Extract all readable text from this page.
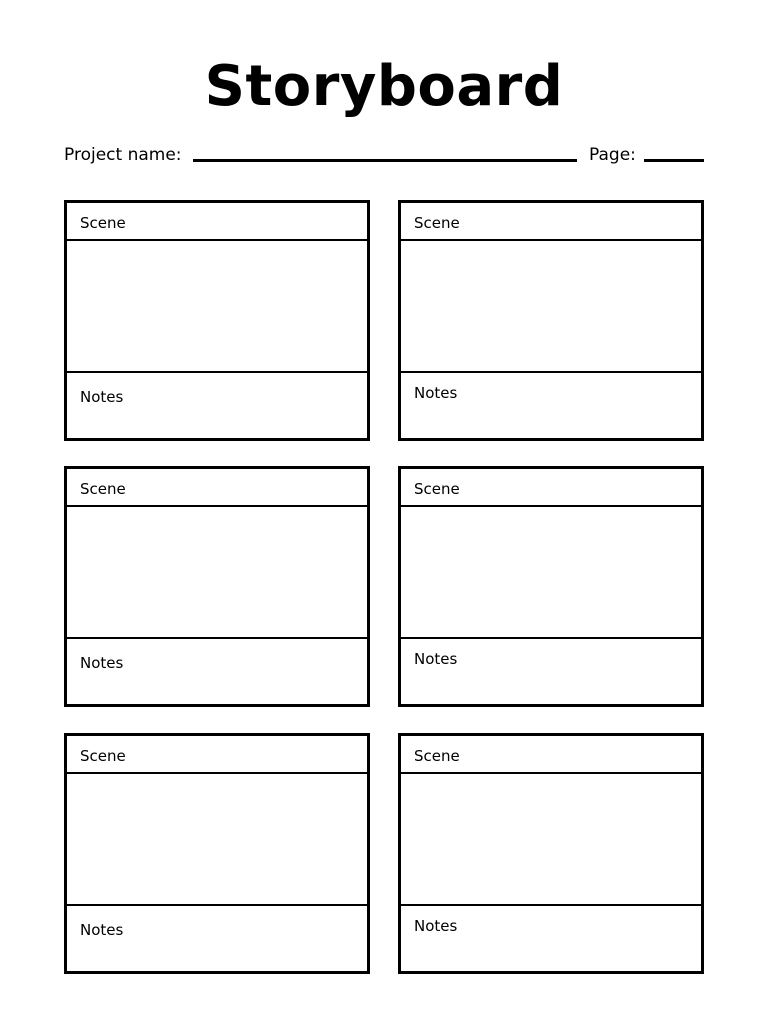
Storyboard
Project name:	Page:
Scene
Notes
Scene
Notes
Scene
Notes
Scene
Notes
Scene
Notes
Scene
Notes
